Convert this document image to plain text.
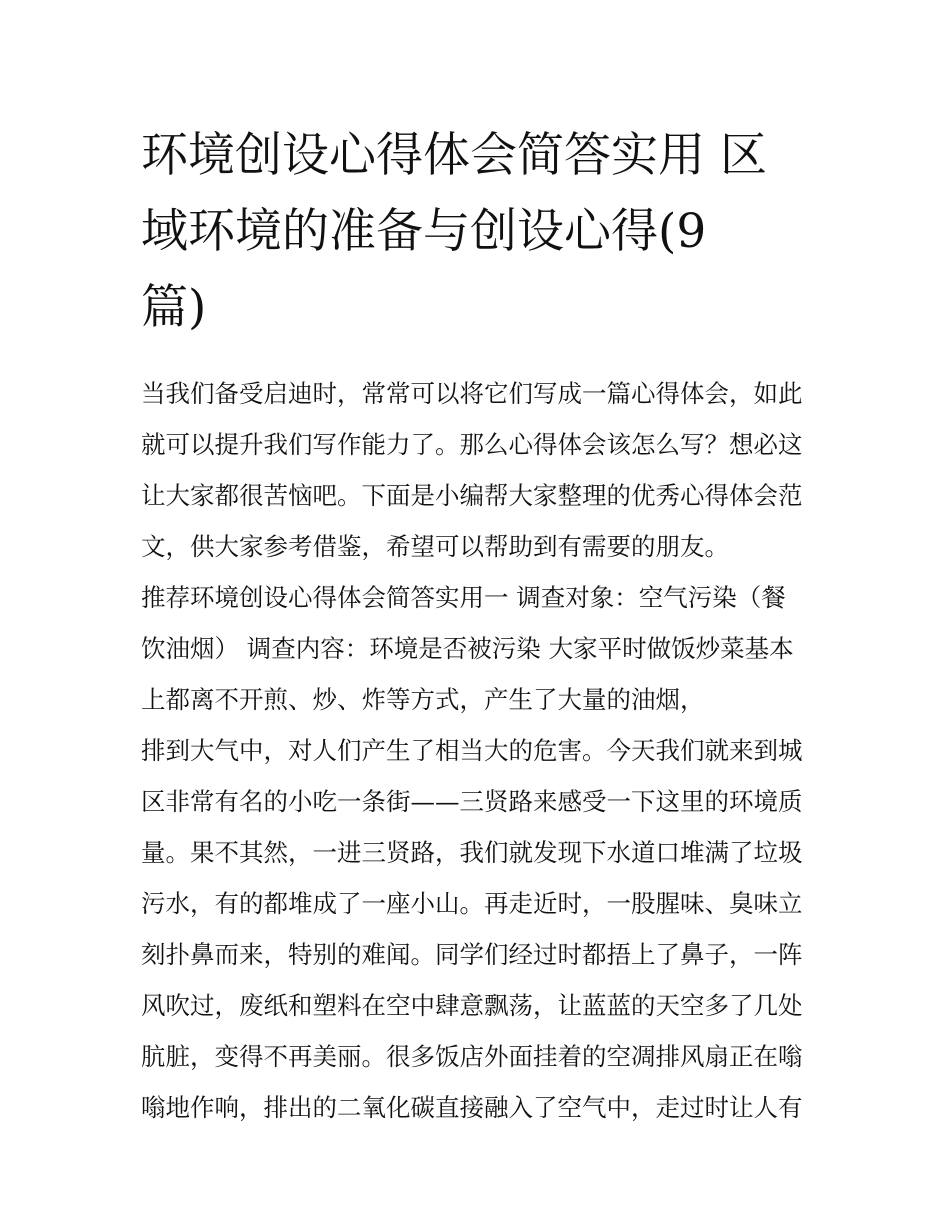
环境创设心得体会简答实用 区
域环境的准备与创设心得(9
篇)
当我们备受启迪时，常常可以将它们写成一篇心得体会，如此
就可以提升我们写作能力了。那么心得体会该怎么写？想必这
让大家都很苦恼吧。下面是小编帮大家整理的优秀心得体会范
文，供大家参考借鉴，希望可以帮助到有需要的朋友。
推荐环境创设心得体会简答实用一 调查对象：空气污染（餐
饮油烟） 调查内容：环境是否被污染 大家平时做饭炒菜基本
上都离不开煎、炒、炸等方式，产生了大量的油烟，
排到大气中，对人们产生了相当大的危害。今天我们就来到城
区非常有名的小吃一条街——三贤路来感受一下这里的环境质
量。果不其然，一进三贤路，我们就发现下水道口堆满了垃圾
污水，有的都堆成了一座小山。再走近时，一股腥味、臭味立
刻扑鼻而来，特别的难闻。同学们经过时都捂上了鼻子，一阵
风吹过，废纸和塑料在空中肆意飘荡，让蓝蓝的天空多了几处
肮脏，变得不再美丽。很多饭店外面挂着的空凋排风扇正在嗡
嗡地作响，排出的二氧化碳直接融入了空气中，走过时让人有
